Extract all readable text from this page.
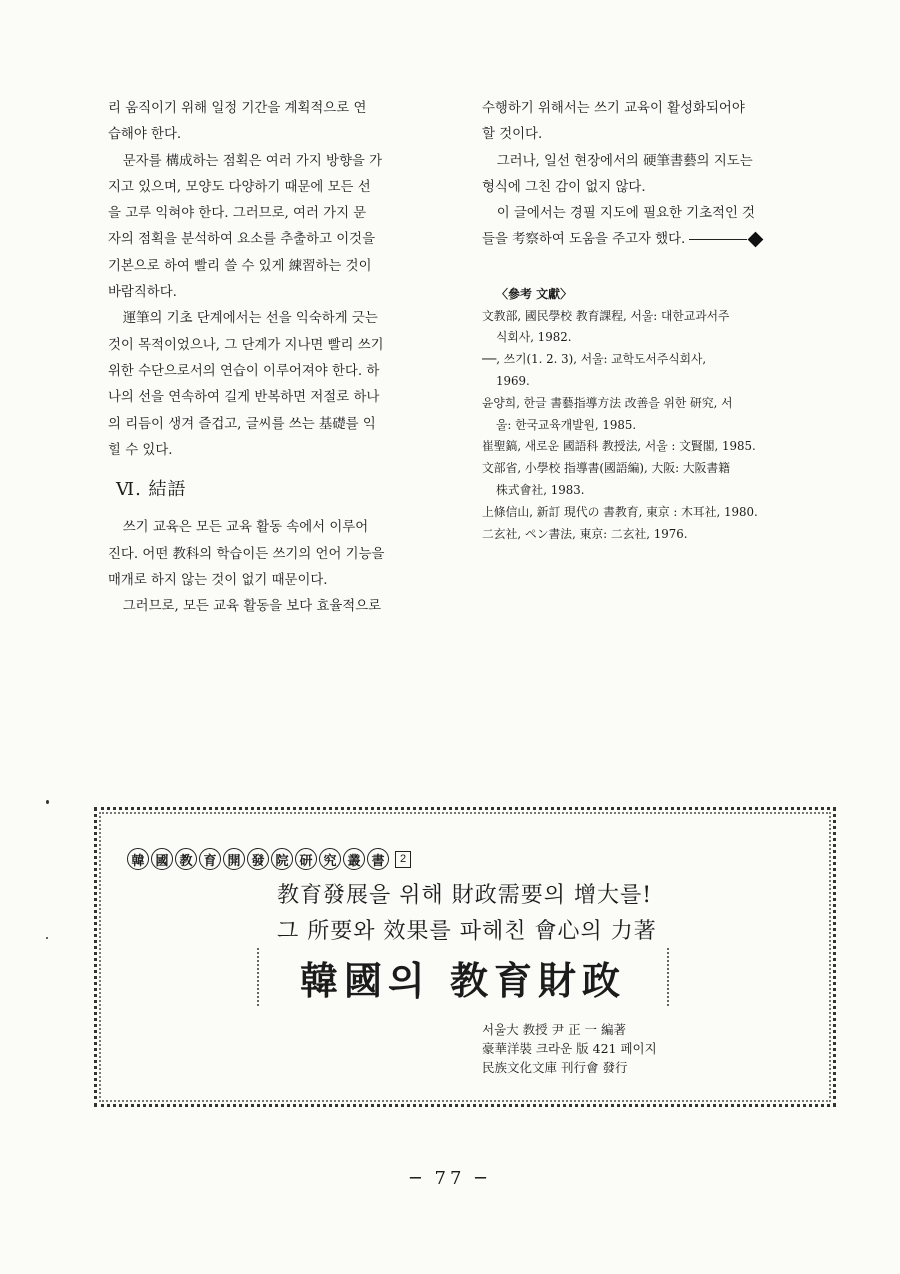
리 움직이기 위해 일정 기간을 계획적으로 연
습해야 한다.

문자를 構成하는 점획은 여러 가지 방향을 가
지고 있으며, 모양도 다양하기 때문에 모든 선
을 고루 익혀야 한다. 그러므로, 여러 가지 문
자의 점획을 분석하여 요소를 추출하고 이것을
기본으로 하여 빨리 쓸 수 있게 練習하는 것이
바람직하다.

運筆의 기초 단계에서는 선을 익숙하게 긋는
것이 목적이었으나, 그 단계가 지나면 빨리 쓰기
위한 수단으로서의 연습이 이루어져야 한다. 하
나의 선을 연속하여 길게 반복하면 저절로 하나
의 리듬이 생겨 즐겁고, 글씨를 쓰는 基礎를 익
힐 수 있다.

Ⅵ. 結語

쓰기 교육은 모든 교육 활동 속에서 이루어
진다. 어떤 教科의 학습이든 쓰기의 언어 기능을
매개로 하지 않는 것이 없기 때문이다.

그러므로, 모든 교육 활동을 보다 효율적으로

수행하기 위해서는 쓰기 교육이 활성화되어야
할 것이다.

그러나, 일선 현장에서의 硬筆書藝의 지도는
형식에 그친 감이 없지 않다.

이 글에서는 경필 지도에 필요한 기초적인 것
들을 考察하여 도움을 주고자 했다.

〈參考 文獻〉
文教部, 國民學校 教育課程, 서울: 대한교과서주
식회사, 1982.
──, 쓰기(1. 2. 3), 서울: 교학도서주식회사,
1969.
윤양희, 한글 書藝指導方法 改善을 위한 研究, 서
울: 한국교육개발원, 1985.
崔聖鎬, 새로운 國語科 教授法, 서울 : 文賢閣, 1985.
文部省, 小學校 指導書(國語編), 大阪: 大阪書籍
株式會社, 1983.
上條信山, 新訂 現代の 書教育, 東京 : 木耳社, 1980.
二玄社, ペン書法, 東京: 二玄社, 1976.
韓 國 教 育 開 發 院 研 究 叢 書	2
教育發展을 위해 財政需要의 增大를!
그 所要와 效果를 파헤친 會心의 力著
韓國의 教育財政
서울大 教授 尹 正 一 編著
豪華洋裝 크라운 版 421 페이지
民族文化文庫 刊行會 發行
─ 77 ─
